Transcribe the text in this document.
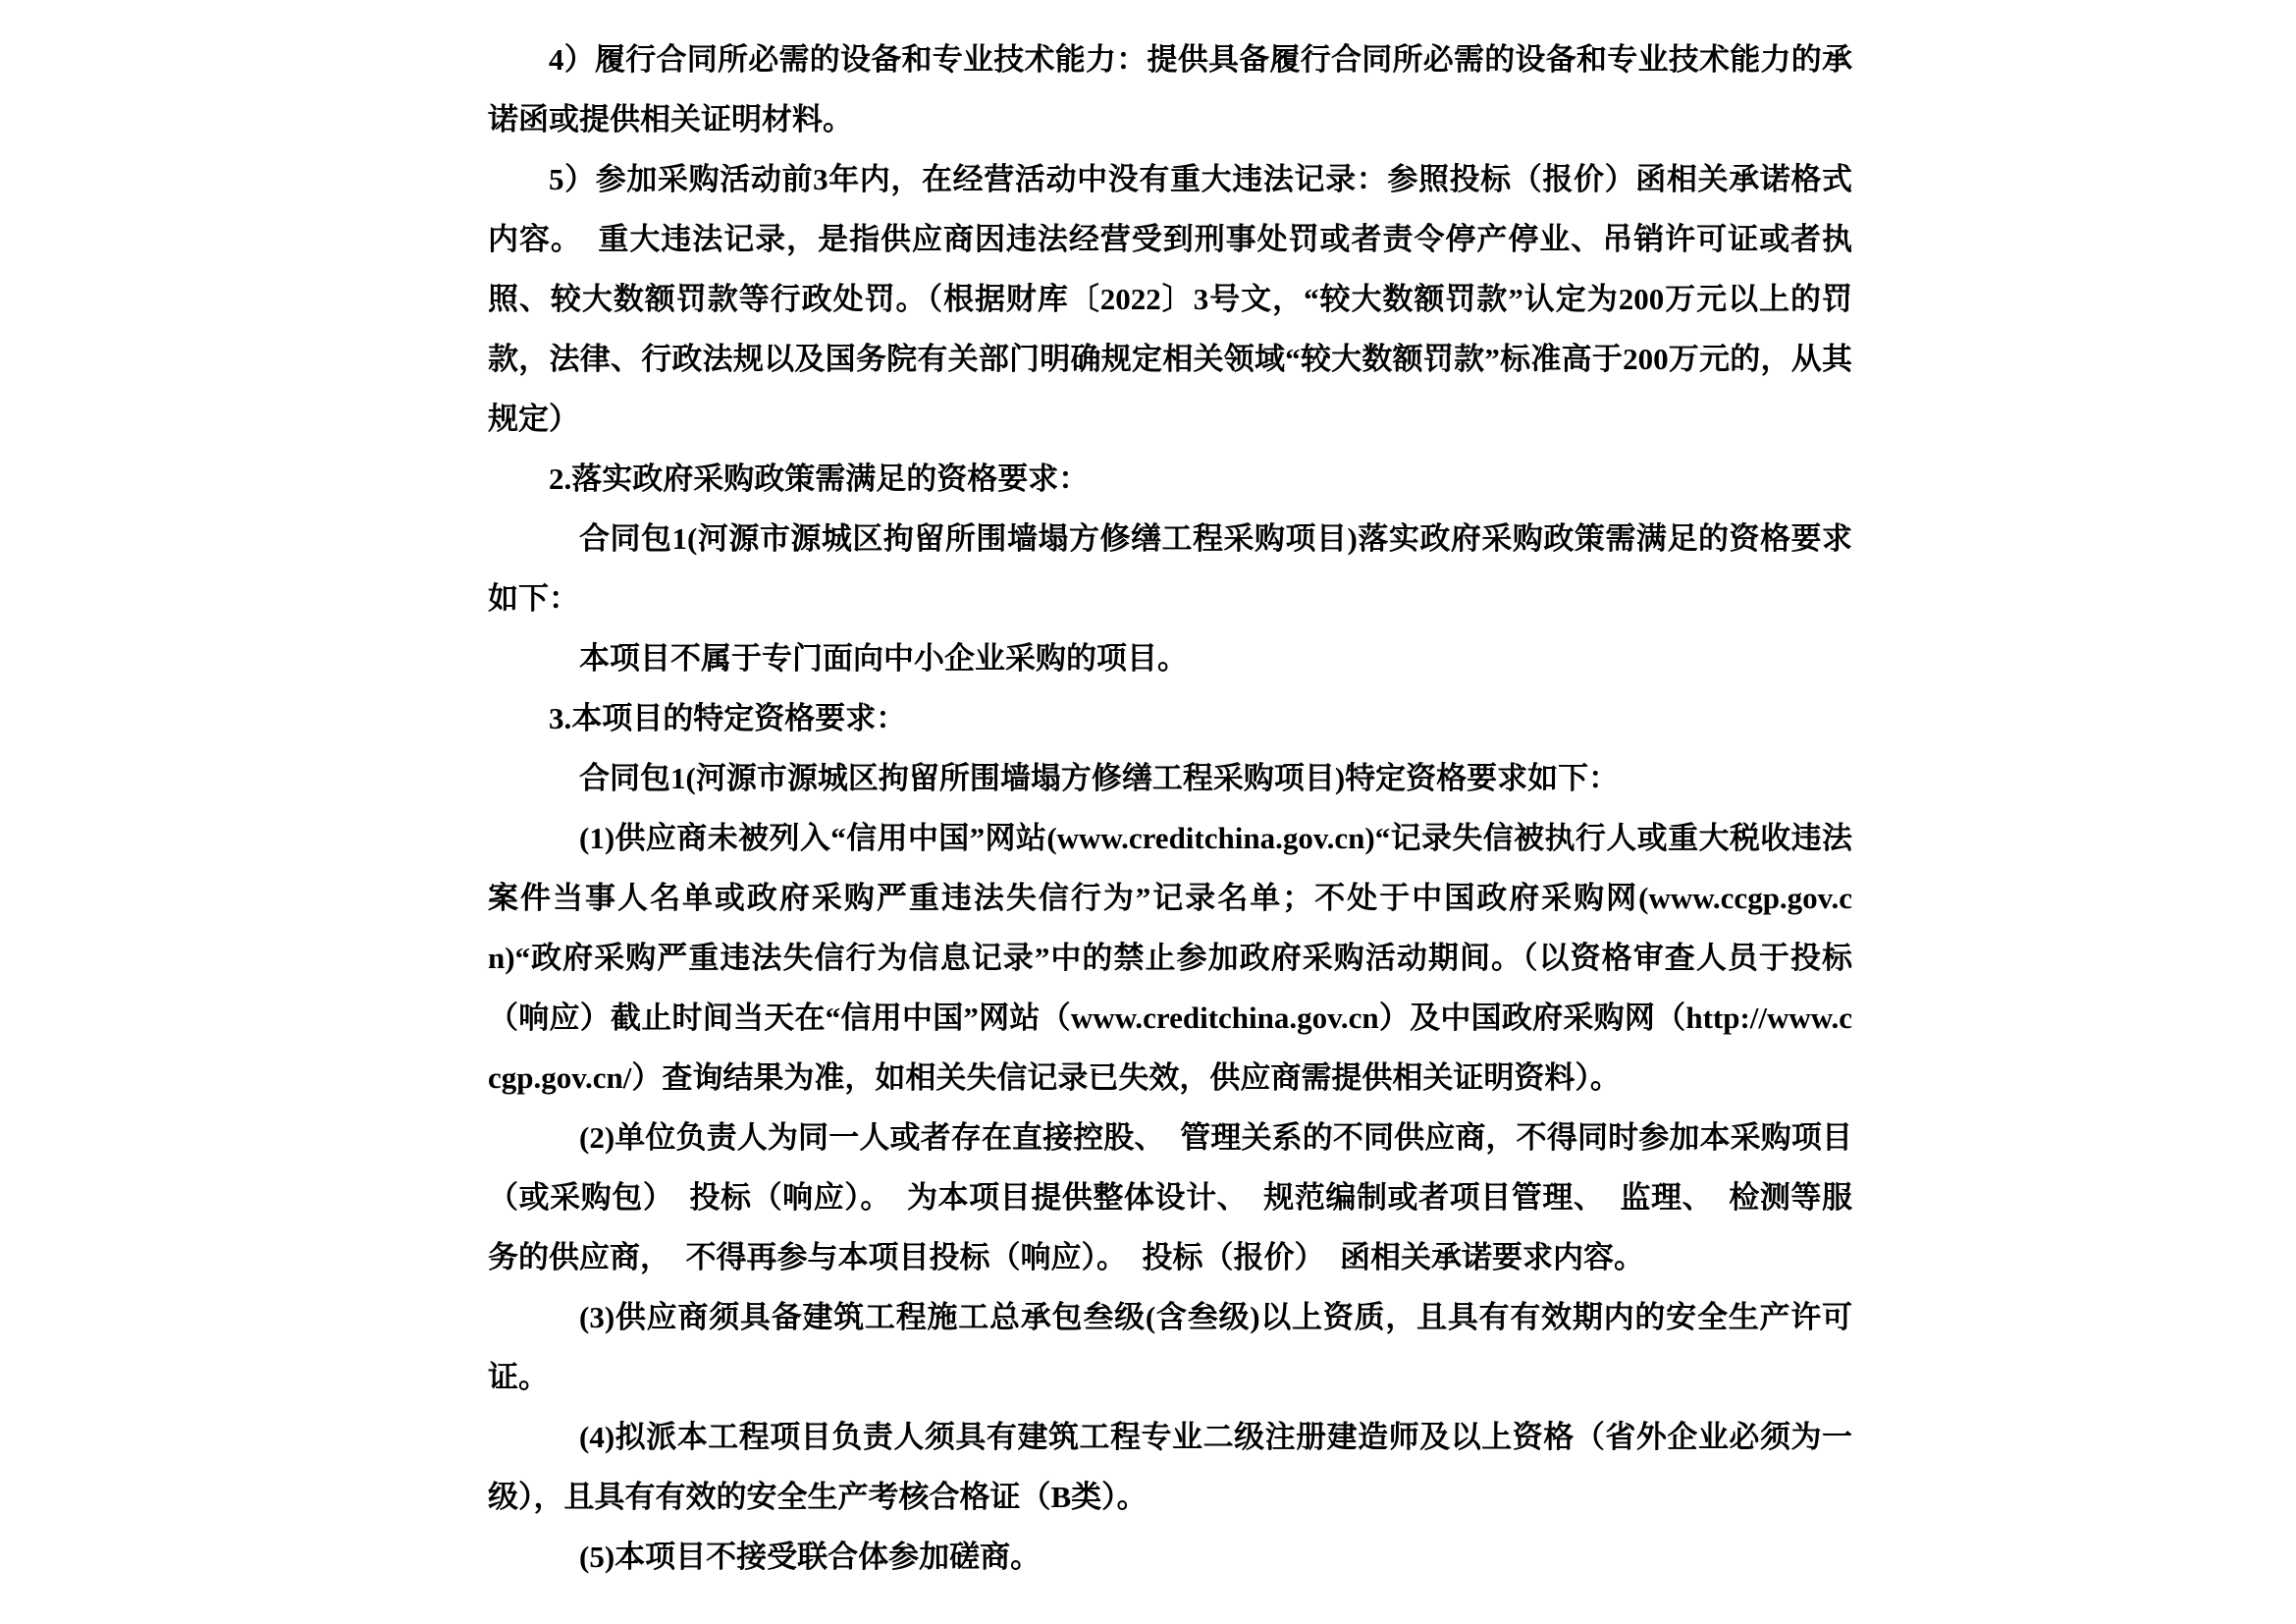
4）履行合同所必需的设备和专业技术能力：提供具备履行合同所必需的设备和专业技术能力的承诺函或提供相关证明材料。

5）参加采购活动前3年内，在经营活动中没有重大违法记录：参照投标（报价）函相关承诺格式内容。　重大违法记录，是指供应商因违法经营受到刑事处罚或者责令停产停业、吊销许可证或者执照、较大数额罚款等行政处罚。（根据财库〔2022〕3号文，“较大数额罚款”认定为200万元以上的罚款，法律、行政法规以及国务院有关部门明确规定相关领域“较大数额罚款”标准高于200万元的，从其规定）

2.落实政府采购政策需满足的资格要求：

合同包1(河源市源城区拘留所围墙塌方修缮工程采购项目)落实政府采购政策需满足的资格要求如下：

本项目不属于专门面向中小企业采购的项目。

3.本项目的特定资格要求：

合同包1(河源市源城区拘留所围墙塌方修缮工程采购项目)特定资格要求如下：

(1)供应商未被列入“信用中国”网站(www.creditchina.gov.cn)“记录失信被执行人或重大税收违法案件当事人名单或政府采购严重违法失信行为”记录名单；不处于中国政府采购网(www.ccgp.gov.cn)“政府采购严重违法失信行为信息记录”中的禁止参加政府采购活动期间。（以资格审查人员于投标（响应）截止时间当天在“信用中国”网站（www.creditchina.gov.cn）及中国政府采购网（http://www.ccgp.gov.cn/）查询结果为准，如相关失信记录已失效，供应商需提供相关证明资料）。

(2)单位负责人为同一人或者存在直接控股、　管理关系的不同供应商，不得同时参加本采购项目（或采购包）　投标（响应）。　为本项目提供整体设计、　规范编制或者项目管理、　监理、　检测等服务的供应商，　不得再参与本项目投标（响应）。　投标（报价）　函相关承诺要求内容。

(3)供应商须具备建筑工程施工总承包叁级(含叁级)以上资质，且具有有效期内的安全生产许可证。

(4)拟派本工程项目负责人须具有建筑工程专业二级注册建造师及以上资格（省外企业必须为一级），且具有有效的安全生产考核合格证（B类）。

(5)本项目不接受联合体参加磋商。
